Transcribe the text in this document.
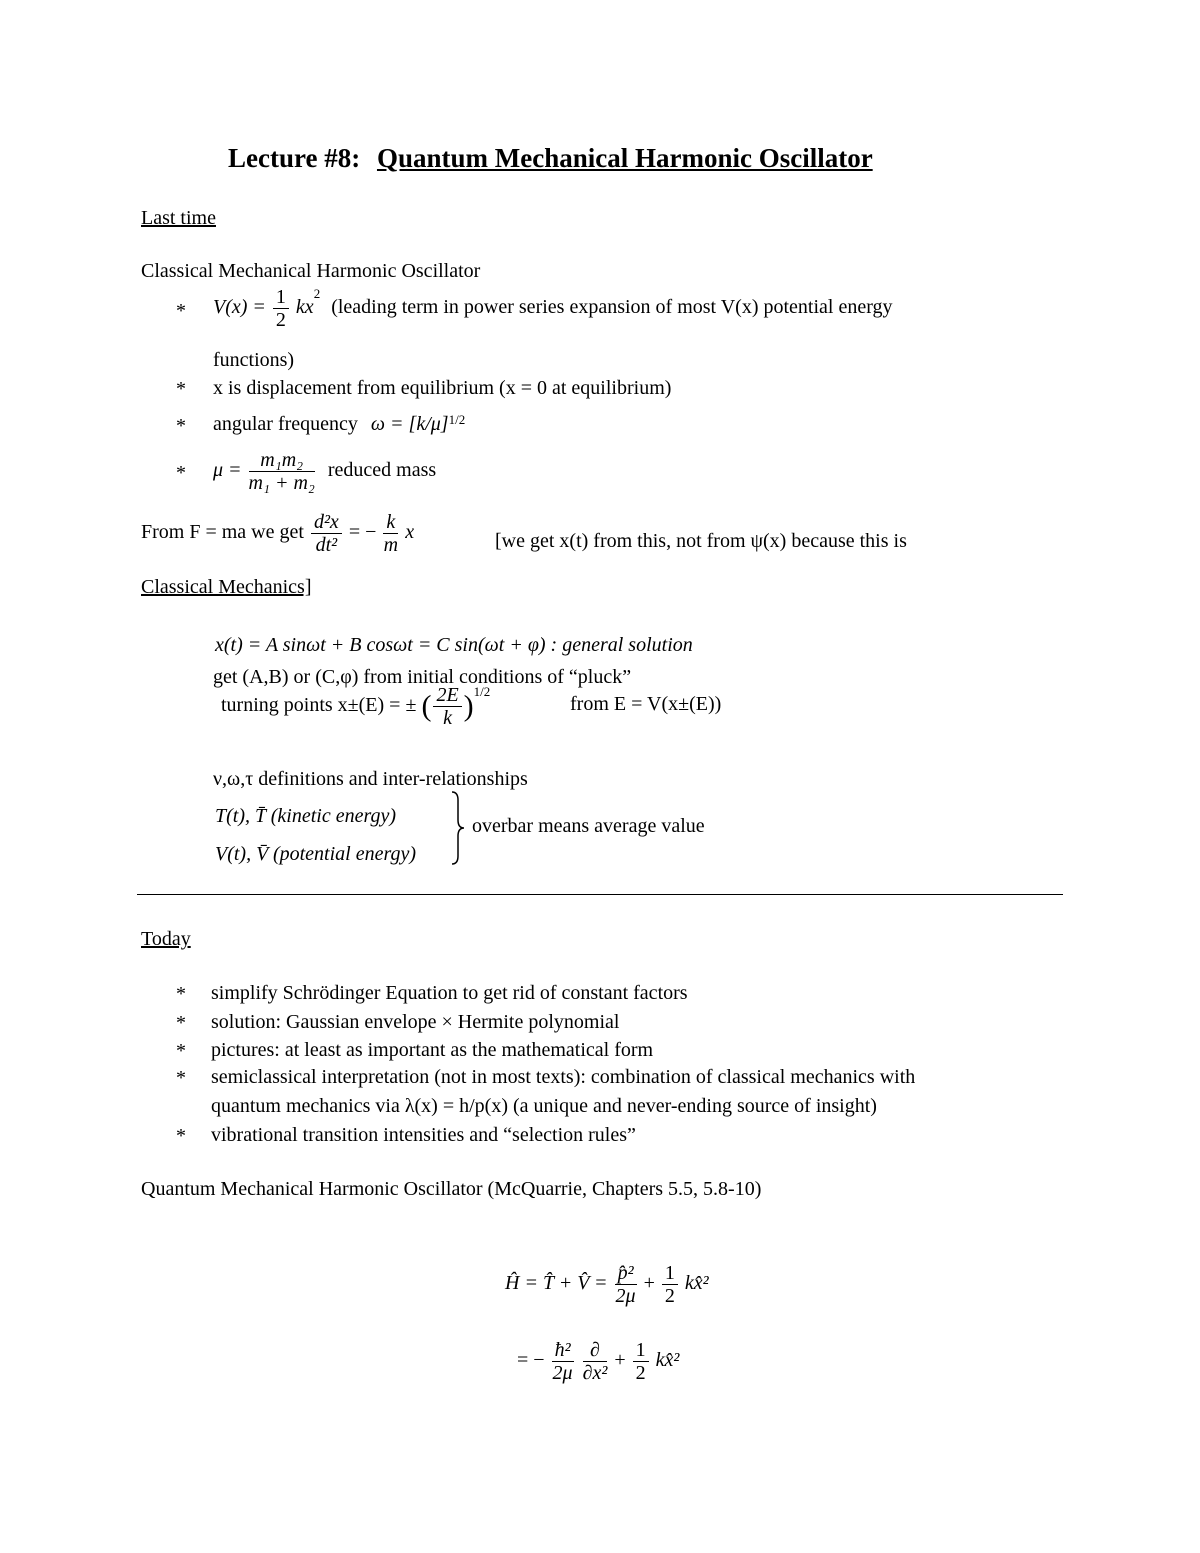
Lecture #8: Quantum Mechanical Harmonic Oscillator
Last time
Classical Mechanical Harmonic Oscillator
* $V(x) = \frac{1}{2} kx^2$ (leading term in power series expansion of most V(x) potential energy
functions)
* x is displacement from equilibrium (x = 0 at equilibrium)
* angular frequency $\omega = [k/\mu]^{1/2}$
* $\mu = \frac{\text{m₁m₂}}{\text{m₁ + m₂}}$ reduced mass
From F = ma we get $\frac{\text{d²x}}{\text{dt²}}$ = − $\frac{k}{m}$ x	[we get x(t) from this, not from ψ(x) because this is
Classical Mechanics]
x(t) = A sinωt + B cosωt = C sin(ωt + φ) : general solution
get (A,B) or (C,φ) from initial conditions of “pluck”
turning points x±(E) = ± ( $\frac{2E}{k} )^{1/2}$
from E = V(x±(E))
ν,ω,τ definitions and inter-relationships
T(t), T̄ (kinetic energy)
V(t), V̄ (potential energy)
overbar means average value
Today
* simplify Schrödinger Equation to get rid of constant factors
* solution: Gaussian envelope × Hermite polynomial
* pictures: at least as important as the mathematical form
* semiclassical interpretation (not in most texts): combination of classical mechanics with
quantum mechanics via λ(x) = h/p(x) (a unique and never-ending source of insight)
* vibrational transition intensities and “selection rules”
Quantum Mechanical Harmonic Oscillator (McQuarrie, Chapters 5.5, 5.8-10)
Ĥ = T̂ + V̂ = $\frac{\text{p̂²}}{2\mu} + \frac{1}{2}$ kx̂²
= − $\frac{\text{ħ²}}{2\mu}$
$\frac{\partial}{\text{∂x²}} + \frac{1}{2}$ kx̂²
